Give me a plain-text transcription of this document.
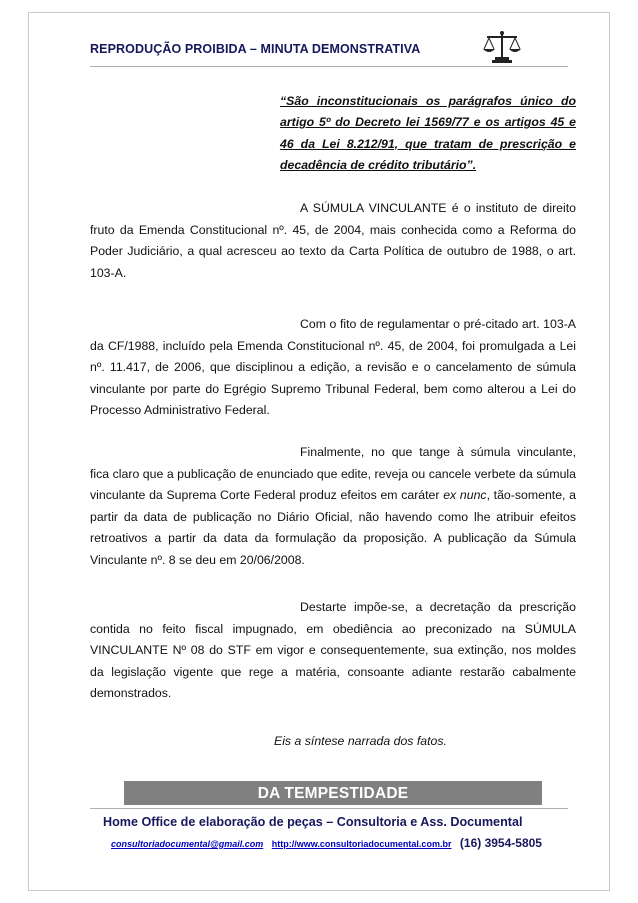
REPRODUÇÃO PROIBIDA – MINUTA DEMONSTRATIVA
“São inconstitucionais os parágrafos único do artigo 5º do Decreto lei 1569/77 e os artigos 45 e 46 da Lei 8.212/91, que tratam de prescrição e decadência de crédito tributário”.
A SÚMULA VINCULANTE é o instituto de direito fruto da Emenda Constitucional nº. 45, de 2004, mais conhecida como a Reforma do Poder Judiciário, a qual acresceu ao texto da Carta Política de outubro de 1988, o art. 103-A.
Com o fito de regulamentar o pré-citado art. 103-A da CF/1988, incluído pela Emenda Constitucional nº. 45, de 2004, foi promulgada a Lei nº. 11.417, de 2006, que disciplinou a edição, a revisão e o cancelamento de súmula vinculante por parte do Egrégio Supremo Tribunal Federal, bem como alterou a Lei do Processo Administrativo Federal.
Finalmente, no que tange à súmula vinculante, fica claro que a publicação de enunciado que edite, reveja ou cancele verbete da súmula vinculante da Suprema Corte Federal produz efeitos em caráter ex nunc, tão-somente, a partir da data de publicação no Diário Oficial, não havendo como lhe atribuir efeitos retroativos a partir da data da formulação da proposição. A publicação da Súmula Vinculante nº. 8 se deu em 20/06/2008.
Destarte impõe-se, a decretação da prescrição contida no feito fiscal impugnado, em obediência ao preconizado na SÚMULA VINCULANTE Nº 08 do STF em vigor e consequentemente, sua extinção, nos moldes da legislação vigente que rege a matéria, consoante adiante restarão cabalmente demonstrados.
Eis a síntese narrada dos fatos.
DA TEMPESTIDADE
Home Office de elaboração de peças – Consultoria e Ass. Documental
consultoriadocumental@gmail.com http://www.consultoriadocumental.com.br (16) 3954-5805
